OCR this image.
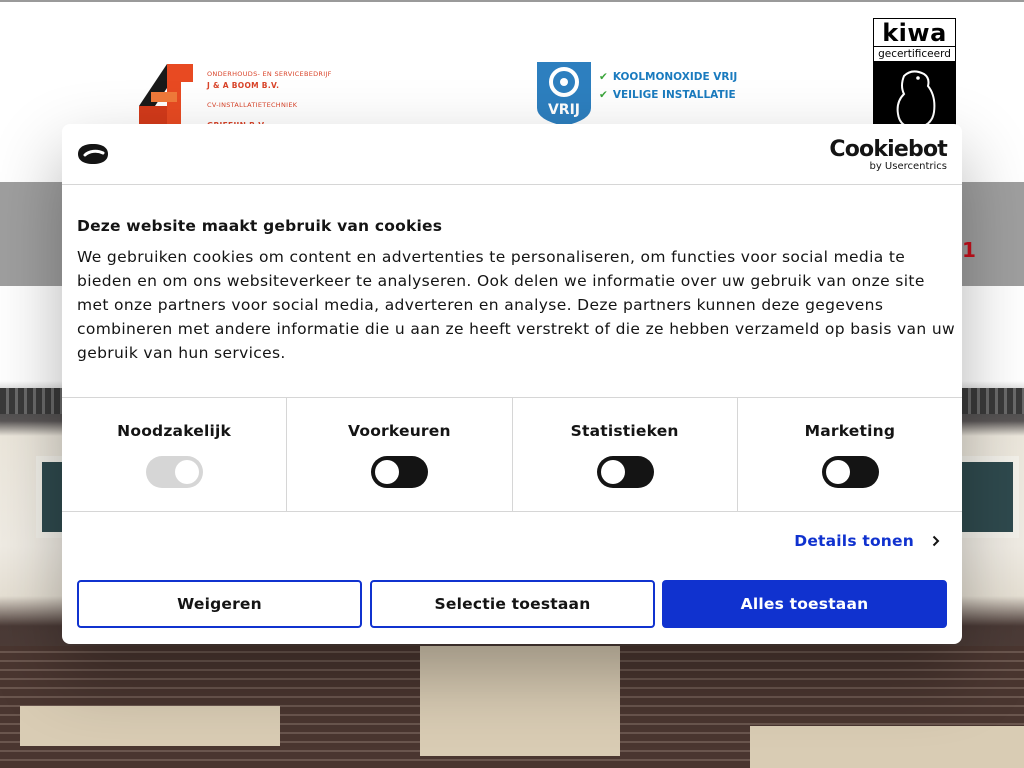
ONDERHOUDS- EN SERVICEBEDRIJF
J & A BOOM B.V.
CV-INSTALLATIETECHNIEK	VRIJ
✔ KOOLMONOXIDE VRIJ
✔ VEILIGE INSTALLATIE
kiwa
gecertificeerd
1
Cookiebot
by Usercentrics
Deze website maakt gebruik van cookies
We gebruiken cookies om content en advertenties te personaliseren, om functies voor social media te bieden en om ons websiteverkeer te analyseren. Ook delen we informatie over uw gebruik van onze site met onze partners voor social media, adverteren en analyse. Deze partners kunnen deze gegevens combineren met andere informatie die u aan ze heeft verstrekt of die ze hebben verzameld op basis van uw gebruik van hun services.
Noodzakelijk	Voorkeuren	Statistieken	Marketing
Details tonen
Weigeren	Selectie toestaan	Alles toestaan
